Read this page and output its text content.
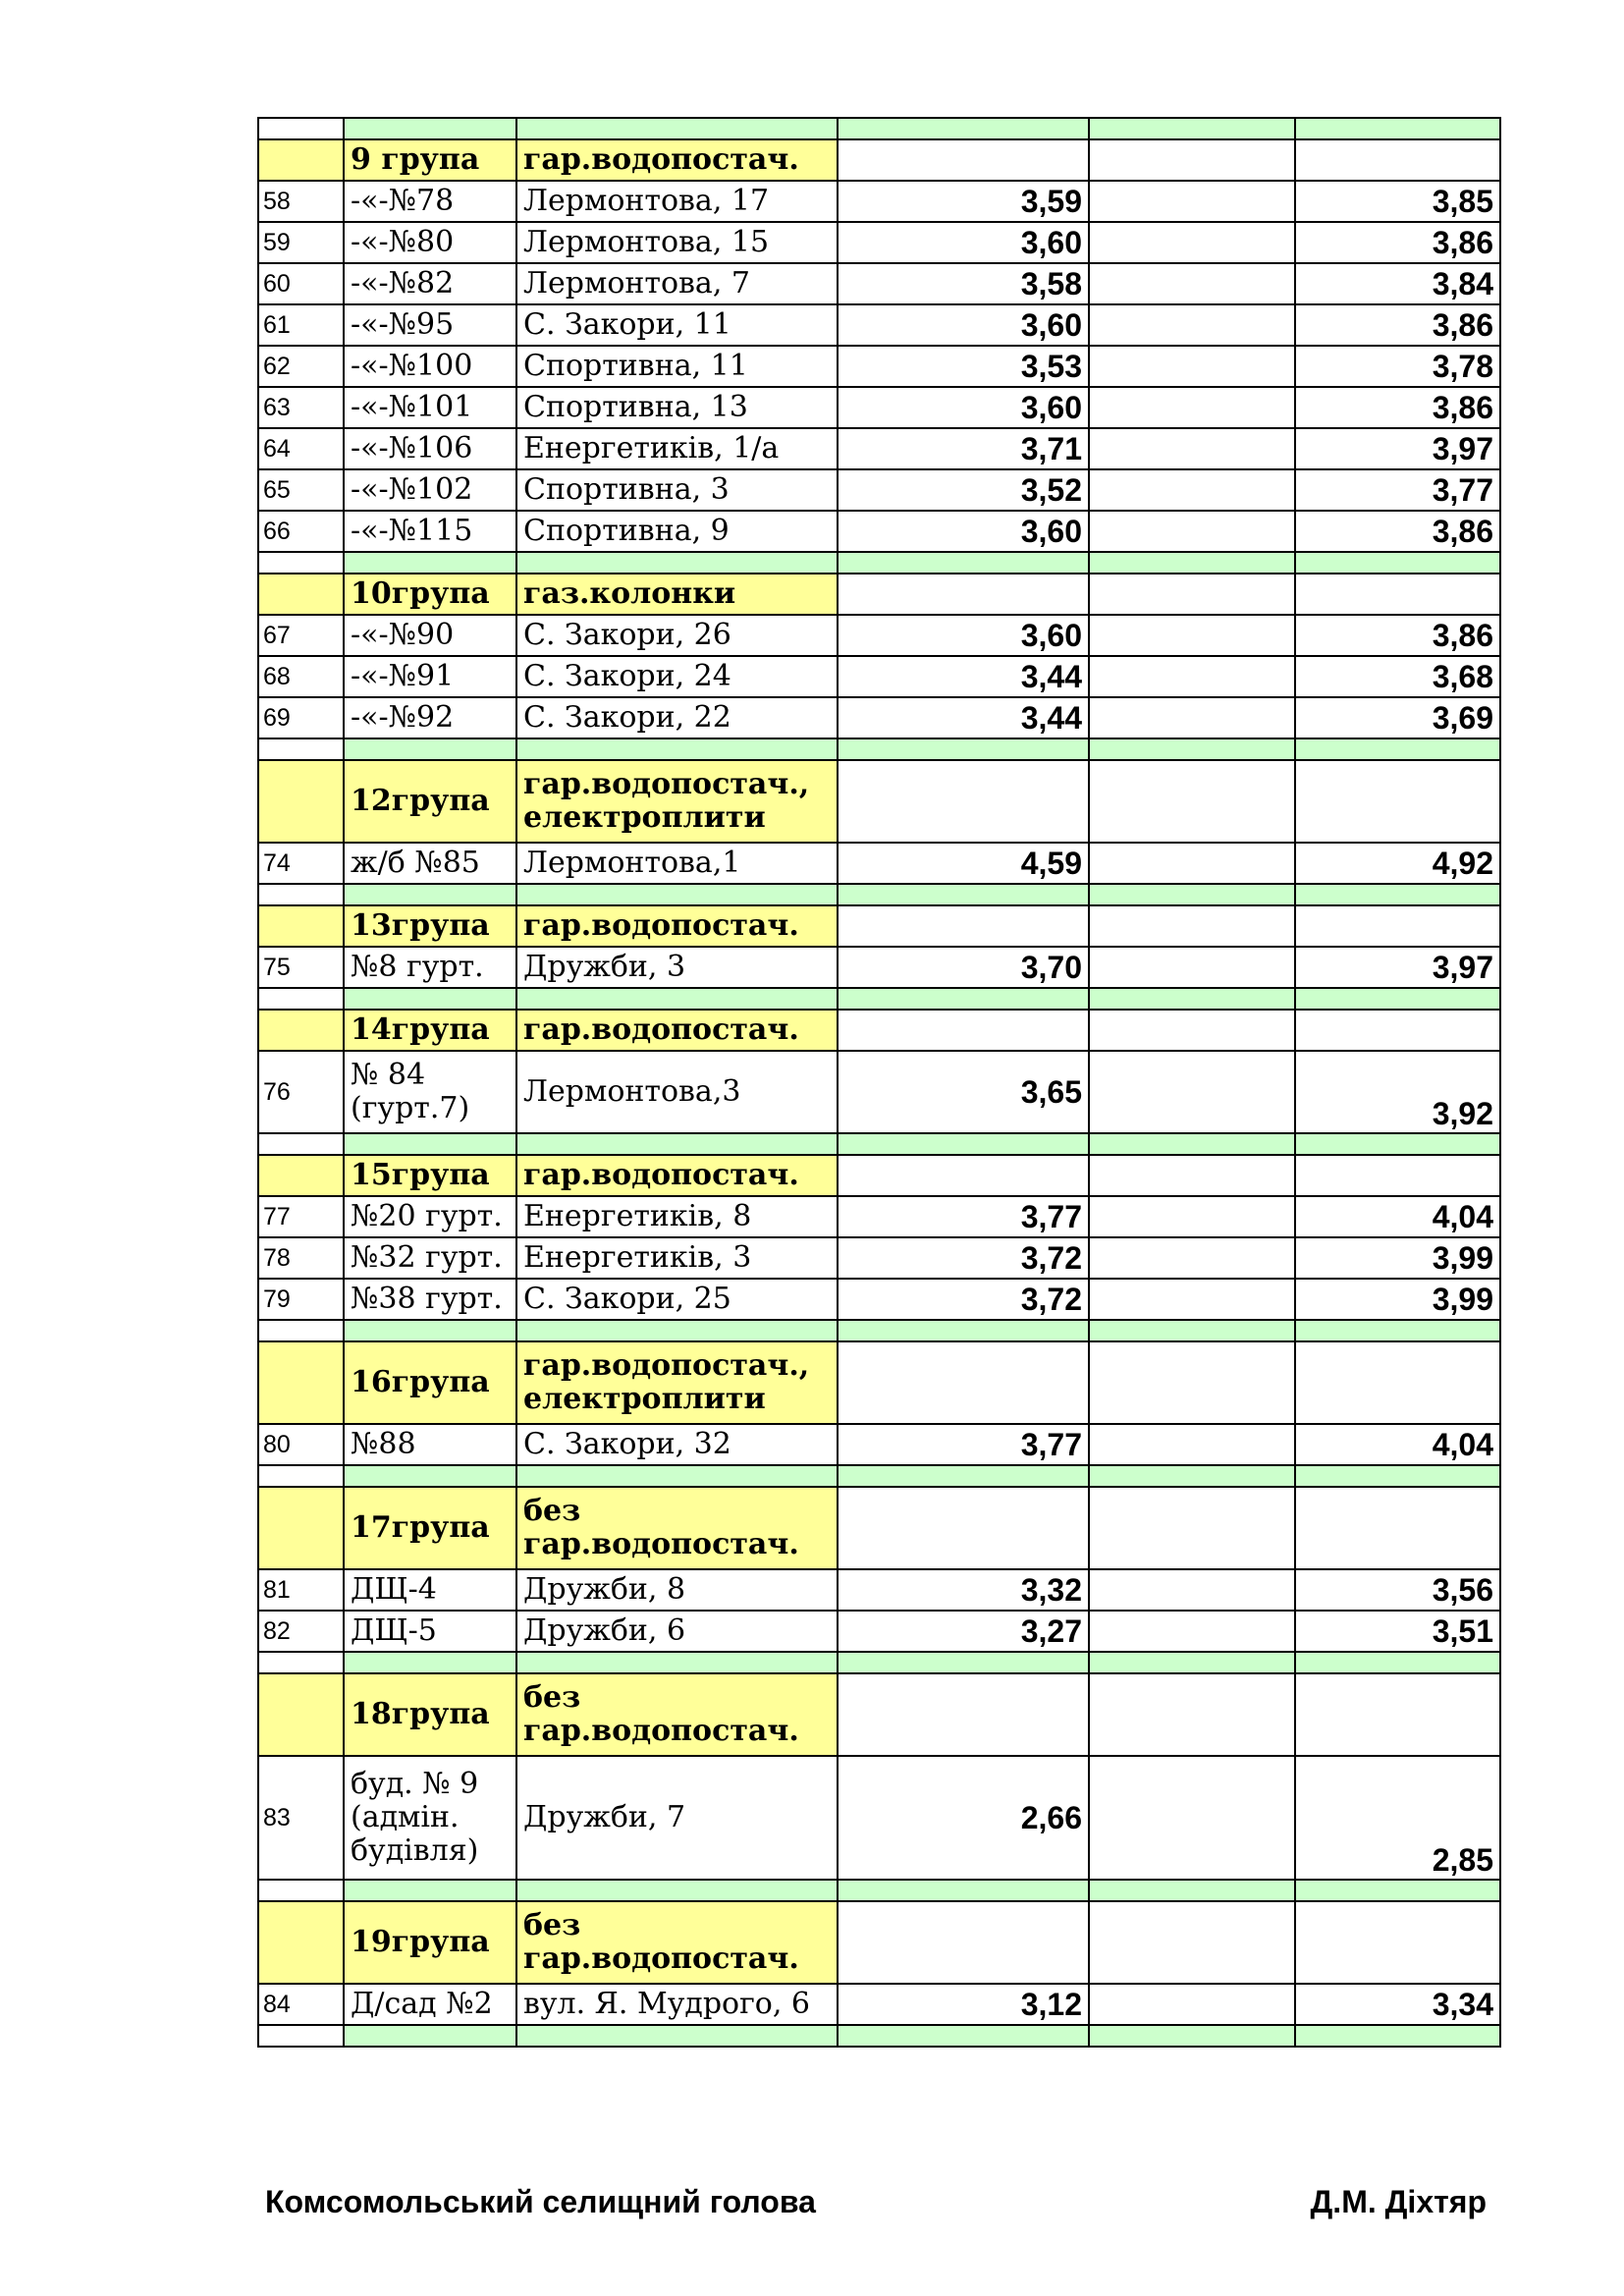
	9 група	гар.водопостач.			
58	-«-№78	Лермонтова, 17	3,59		3,85
59	-«-№80	Лермонтова, 15	3,60		3,86
60	-«-№82	Лермонтова, 7	3,58		3,84
61	-«-№95	С. Закори, 11	3,60		3,86
62	-«-№100	Спортивна, 11	3,53		3,78
63	-«-№101	Спортивна, 13	3,60		3,86
64	-«-№106	Енергетиків, 1/а	3,71		3,97
65	-«-№102	Спортивна, 3	3,52		3,77
66	-«-№115	Спортивна, 9	3,60		3,86

	10група	газ.колонки			
67	-«-№90	С. Закори, 26	3,60		3,86
68	-«-№91	С. Закори, 24	3,44		3,68
69	-«-№92	С. Закори, 22	3,44		3,69

	12група	гар.водопостач., електроплити			
74	ж/б №85	Лермонтова,1	4,59		4,92

	13група	гар.водопостач.			
75	№8 гурт.	Дружби, 3	3,70		3,97

	14група	гар.водопостач.			
76	№ 84 (гурт.7)	Лермонтова,3	3,65		3,92

	15група	гар.водопостач.			
77	№20 гурт.	Енергетиків, 8	3,77		4,04
78	№32 гурт.	Енергетиків, 3	3,72		3,99
79	№38 гурт.	С. Закори, 25	3,72		3,99

	16група	гар.водопостач., електроплити			
80	№88	С. Закори, 32	3,77		4,04

	17група	без гар.водопостач.			
81	ДЩ-4	Дружби, 8	3,32		3,56
82	ДЩ-5	Дружби, 6	3,27		3,51

	18група	без гар.водопостач.			
83	буд. № 9 (адмін. будівля)	Дружби, 7	2,66		2,85

	19група	без гар.водопостач.			
84	Д/сад №2	вул. Я. Мудрого, 6	3,12		3,34

Комсомольський селищний голова	Д.М. Діхтяр
